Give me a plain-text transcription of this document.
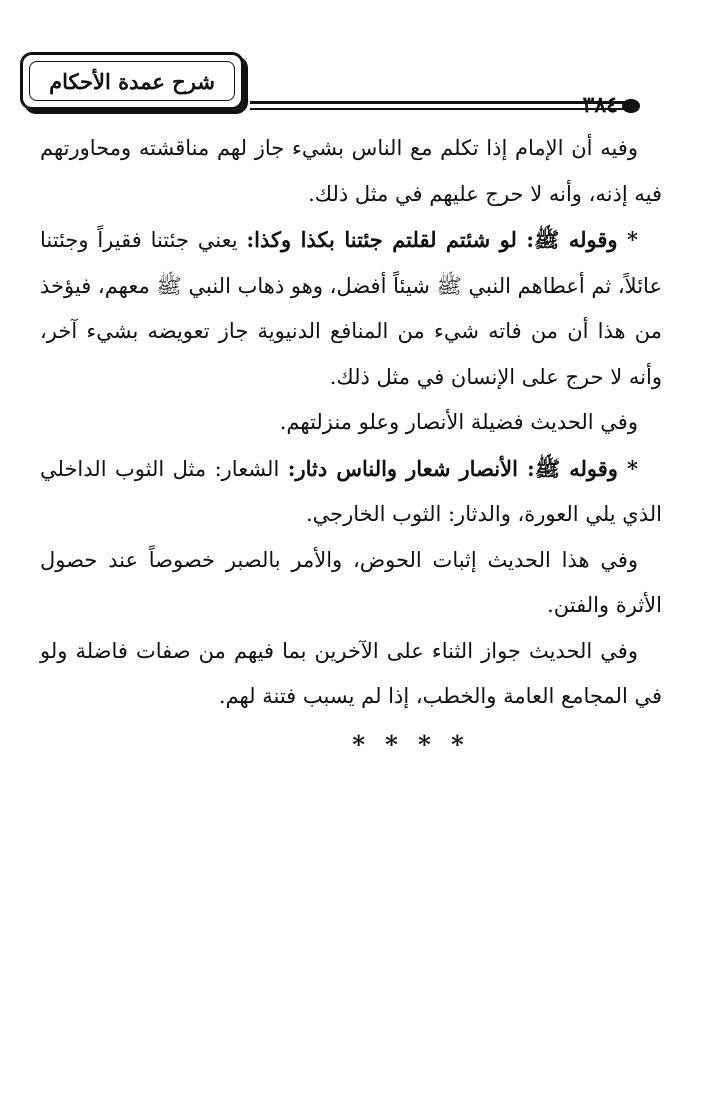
شرح عمدة الأحكام
٣٨٤

وفيه أن الإمام إذا تكلم مع الناس بشيء جاز لهم مناقشته ومحاورتهم فيه إذنه، وأنه لا حرج عليهم في مثل ذلك.

* وقوله ﷺ: لو شئتم لقلتم جئتنا بكذا وكذا: يعني جئتنا فقيراً وجئتنا عائلاً، ثم أعطاهم النبي ﷺ شيئاً أفضل، وهو ذهاب النبي ﷺ معهم، فيؤخذ من هذا أن من فاته شيء من المنافع الدنيوية جاز تعويضه بشيء آخر، وأنه لا حرج على الإنسان في مثل ذلك.

وفي الحديث فضيلة الأنصار وعلو منزلتهم.

* وقوله ﷺ: الأنصار شعار والناس دثار: الشعار: مثل الثوب الداخلي الذي يلي العورة، والدثار: الثوب الخارجي.

وفي هذا الحديث إثبات الحوض، والأمر بالصبر خصوصاً عند حصول الأثرة والفتن.

وفي الحديث جواز الثناء على الآخرين بما فيهم من صفات فاضلة ولو في المجامع العامة والخطب، إذا لم يسبب فتنة لهم.

* * * *
